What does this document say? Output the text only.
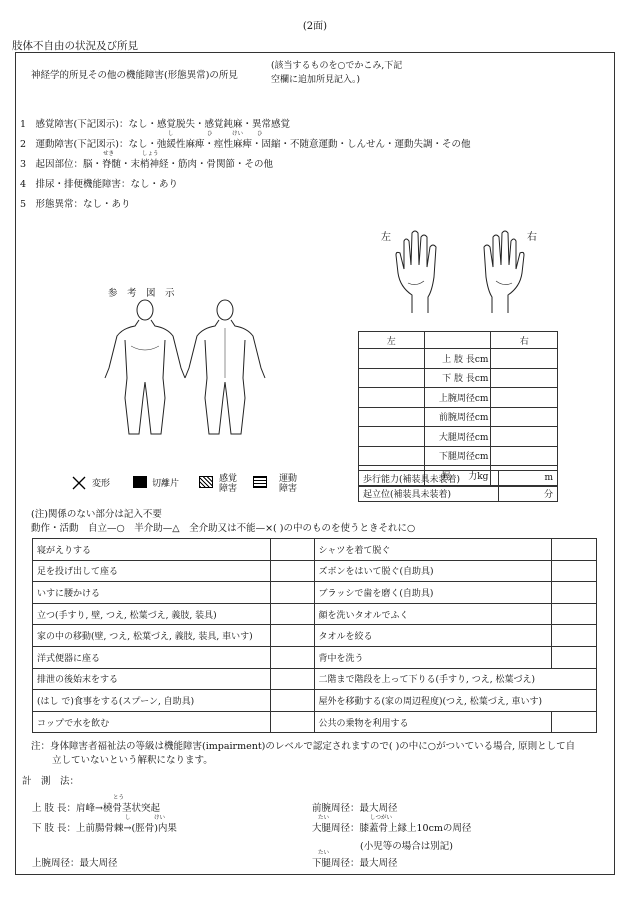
(2面)
肢体不自由の状況及び所見
神経学的所見その他の機能障害(形態異常)の所見
(該当するものを○でかこみ,下記
空欄に追加所見記入。)
1　感覚障害(下記図示)：なし・感覚脱失・感覚鈍麻・異常感覚
2　運動障害(下記図示)：なし・弛緩性麻痺・痙性麻痺・固縮・不随意運動・しんせん・運動失調・その他
3　起因部位：脳・脊髄・末梢神経・筋肉・骨関節・その他
4　排尿・排便機能障害：なし・あり
5　形態異常：なし・あり
し	ひ	けい	ひ
せき	しょう
左	右
参　考　図　示
変形	切離片	感覚
障害
運動
障害
左		右
	上 肢 長cm	
	下 肢 長cm	
	上腕周径cm	
	前腕周径cm	
	大腿周径cm	
	下腿周径cm	
	握　　力kg	
歩行能力(補装具未装着)	m
起立位(補装具未装着)	分
(注)関係のない部分は記入不要
動作・活動　自立—○　半介助—△　全介助又は不能—×( )の中のものを使うときそれに○
寝がえりする		シャツを着て脱ぐ	
足を投げ出して座る		ズボンをはいて脱ぐ(自助具)	
いすに腰かける		ブラッシで歯を磨く(自助具)	
立つ(手すり, 壁, つえ, 松葉づえ, 義肢, 装具)		顔を洗いタオルでふく	
家の中の移動(壁, つえ, 松葉づえ, 義肢, 装具, 車いす)		タオルを絞る	
洋式便器に座る		背中を洗う	
排泄の後始末をする		二階まで階段を上って下りる(手すり, つえ, 松葉づえ)	
(はし で)食事をする(スプーン, 自助具)		屋外を移動する(家の周辺程度)(つえ, 松葉づえ, 車いす)	
コップで水を飲む		公共の乗物を利用する	
注：身体障害者福祉法の等級は機能障害(impairment)のレベルで認定されますので( )の中に○がついている場合, 原則として自
立していないという解釈になります。
計　測　法：
上 肢 長：肩峰→橈骨茎状突起
下 肢 長：上前腸骨棘→(脛骨)内果
上腕周径：最大周径
前腕周径：最大周径
大腿周径：膝蓋骨上縁上10cmの周径
(小児等の場合は別記)
下腿周径：最大周径
とう
し	けい	たい	しつがい
たい
